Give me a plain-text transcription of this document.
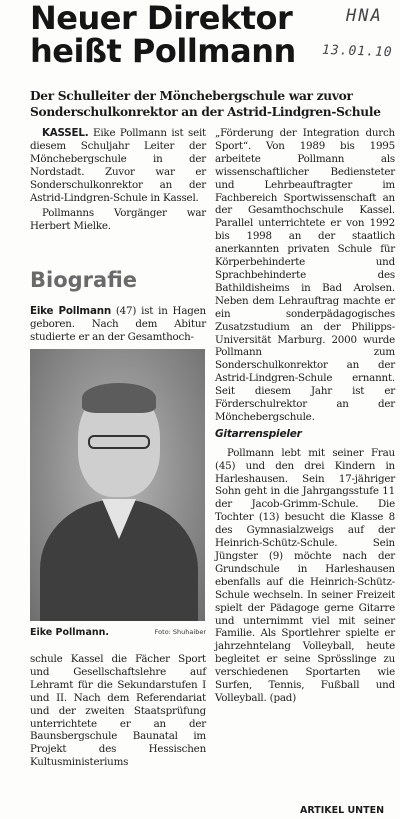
HNA
13.01.10
Neuer Direktor heißt Pollmann

Der Schulleiter der Mönchebergschule war zuvor Sonderschulkonrektor an der Astrid-Lindgren-Schule

KASSEL. Eike Pollmann ist seit diesem Schuljahr Leiter der Mönchebergschule in der Nordstadt. Zuvor war er Sonderschulkonrektor an der Astrid-Lindgren-Schule in Kassel.

Pollmanns Vorgänger war Herbert Mielke.

Biografie

Eike Pollmann (47) ist in Hagen geboren. Nach dem Abitur studierte er an der Gesamthoch-

Eike Pollmann.	Foto: Shuhaiber

schule Kassel die Fächer Sport und Gesellschaftslehre auf Lehramt für die Sekundarstufen I und II. Nach dem Referendariat und der zweiten Staatsprüfung unterrichtete er an der Baunsbergschule Baunatal im Projekt des Hessischen Kultusministeriums

„Förderung der Integration durch Sport“. Von 1989 bis 1995 arbeitete Pollmann als wissenschaftlicher Bediensteter und Lehrbeauftragter im Fachbereich Sportwissenschaft an der Gesamthochschule Kassel. Parallel unterrichtete er von 1992 bis 1998 an der staatlich anerkannten privaten Schule für Körperbehinderte und Sprachbehinderte des Bathildisheims in Bad Arolsen. Neben dem Lehrauftrag machte er ein sonderpädagogisches Zusatzstudium an der Philipps-Universität Marburg. 2000 wurde Pollmann zum Sonderschulkonrektor an der Astrid-Lindgren-Schule ernannt. Seit diesem Jahr ist er Förderschulrektor an der Mönchebergschule.

Gitarrenspieler

Pollmann lebt mit seiner Frau (45) und den drei Kindern in Harleshausen. Sein 17-jähriger Sohn geht in die Jahrgangsstufe 11 der Jacob-Grimm-Schule. Die Tochter (13) besucht die Klasse 8 des Gymnasialzweigs auf der Heinrich-Schütz-Schule. Sein Jüngster (9) möchte nach der Grundschule in Harleshausen ebenfalls auf die Heinrich-Schütz-Schule wechseln. In seiner Freizeit spielt der Pädagoge gerne Gitarre und unternimmt viel mit seiner Familie. Als Sportlehrer spielte er jahrzehntelang Volleyball, heute begleitet er seine Sprösslinge zu verschiedenen Sportarten wie Surfen, Tennis, Fußball und Volleyball. (pad)

ARTIKEL UNTEN
